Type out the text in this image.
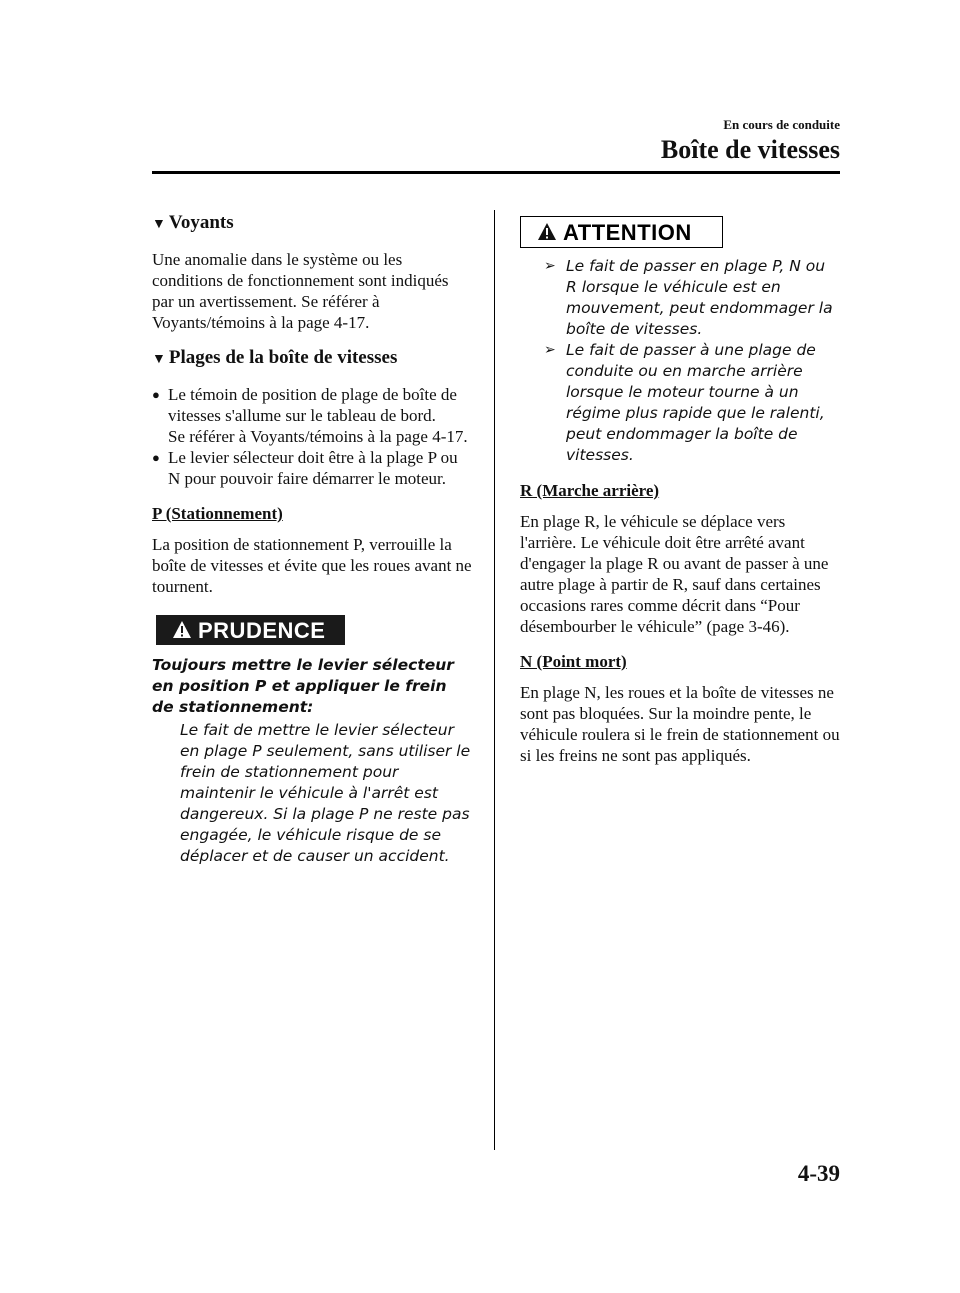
En cours de conduite
Boîte de vitesses
▼ Voyants
Une anomalie dans le système ou les conditions de fonctionnement sont indiqués par un avertissement. Se référer à Voyants/témoins à la page 4-17.
▼ Plages de la boîte de vitesses
● Le témoin de position de plage de boîte de vitesses s'allume sur le tableau de bord.
Se référer à Voyants/témoins à la page 4-17.
● Le levier sélecteur doit être à la plage P ou N pour pouvoir faire démarrer le moteur.
P (Stationnement)
La position de stationnement P, verrouille la boîte de vitesses et évite que les roues avant ne tournent.
PRUDENCE
Toujours mettre le levier sélecteur en position P et appliquer le frein de stationnement:
Le fait de mettre le levier sélecteur en plage P seulement, sans utiliser le frein de stationnement pour maintenir le véhicule à l'arrêt est dangereux. Si la plage P ne reste pas engagée, le véhicule risque de se déplacer et de causer un accident.
ATTENTION
➢ Le fait de passer en plage P, N ou R lorsque le véhicule est en mouvement, peut endommager la boîte de vitesses.
➢ Le fait de passer à une plage de conduite ou en marche arrière lorsque le moteur tourne à un régime plus rapide que le ralenti, peut endommager la boîte de vitesses.
R (Marche arrière)
En plage R, le véhicule se déplace vers l'arrière. Le véhicule doit être arrêté avant d'engager la plage R ou avant de passer à une autre plage à partir de R, sauf dans certaines occasions rares comme décrit dans “Pour désembourber le véhicule” (page 3-46).
N (Point mort)
En plage N, les roues et la boîte de vitesses ne sont pas bloquées. Sur la moindre pente, le véhicule roulera si le frein de stationnement ou si les freins ne sont pas appliqués.
4-39
